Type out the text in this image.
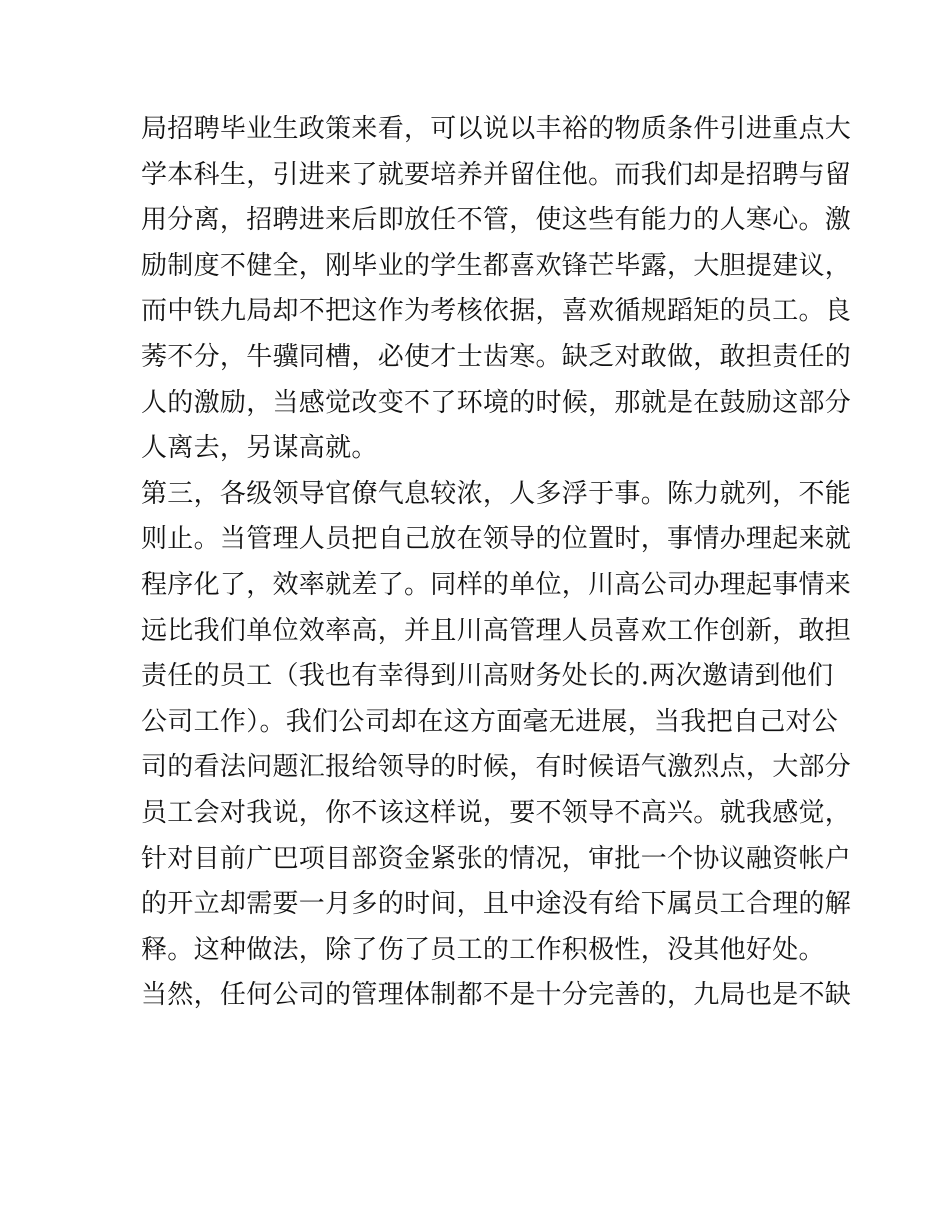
局招聘毕业生政策来看，可以说以丰裕的物质条件引进重点大
学本科生，引进来了就要培养并留住他。而我们却是招聘与留
用分离，招聘进来后即放任不管，使这些有能力的人寒心。激
励制度不健全，刚毕业的学生都喜欢锋芒毕露，大胆提建议，
而中铁九局却不把这作为考核依据，喜欢循规蹈矩的员工。良
莠不分，牛骥同槽，必使才士齿寒。缺乏对敢做，敢担责任的
人的激励，当感觉改变不了环境的时候，那就是在鼓励这部分
人离去，另谋高就。
第三，各级领导官僚气息较浓，人多浮于事。陈力就列，不能
则止。当管理人员把自己放在领导的位置时，事情办理起来就
程序化了，效率就差了。同样的单位，川高公司办理起事情来
远比我们单位效率高，并且川高管理人员喜欢工作创新，敢担
责任的员工（我也有幸得到川高财务处长的.两次邀请到他们
公司工作）。我们公司却在这方面毫无进展，当我把自己对公
司的看法问题汇报给领导的时候，有时候语气激烈点，大部分
员工会对我说，你不该这样说，要不领导不高兴。就我感觉，
针对目前广巴项目部资金紧张的情况，审批一个协议融资帐户
的开立却需要一月多的时间，且中途没有给下属员工合理的解
释。这种做法，除了伤了员工的工作积极性，没其他好处。
当然，任何公司的管理体制都不是十分完善的，九局也是不缺
